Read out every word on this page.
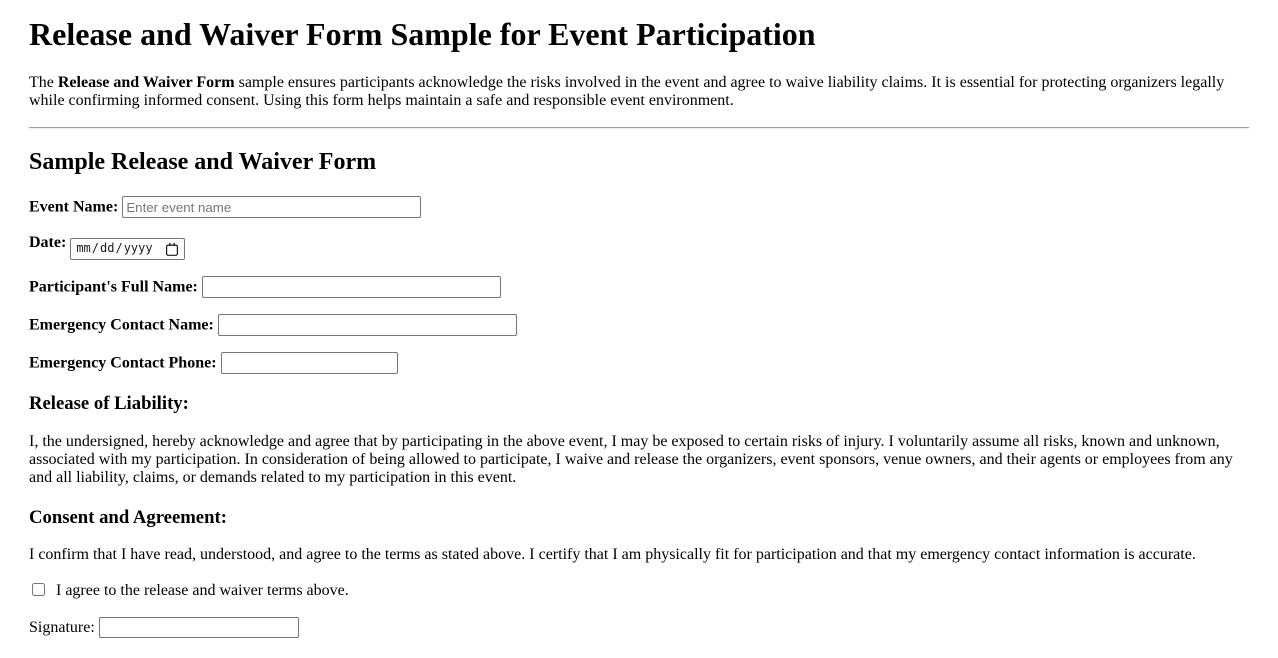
Release and Waiver Form Sample for Event Participation

The Release and Waiver Form sample ensures participants acknowledge the risks involved in the event and agree to waive liability claims. It is essential for protecting organizers legally while confirming informed consent. Using this form helps maintain a safe and responsible event environment.

Sample Release and Waiver Form

Event Name: Enter event name

Date: mm / dd / yyyy

Participant's Full Name:

Emergency Contact Name:

Emergency Contact Phone:

Release of Liability:

I, the undersigned, hereby acknowledge and agree that by participating in the above event, I may be exposed to certain risks of injury. I voluntarily assume all risks, known and unknown, associated with my participation. In consideration of being allowed to participate, I waive and release the organizers, event sponsors, venue owners, and their agents or employees from any and all liability, claims, or demands related to my participation in this event.

Consent and Agreement:

I confirm that I have read, understood, and agree to the terms as stated above. I certify that I am physically fit for participation and that my emergency contact information is accurate.

I agree to the release and waiver terms above.

Signature:
